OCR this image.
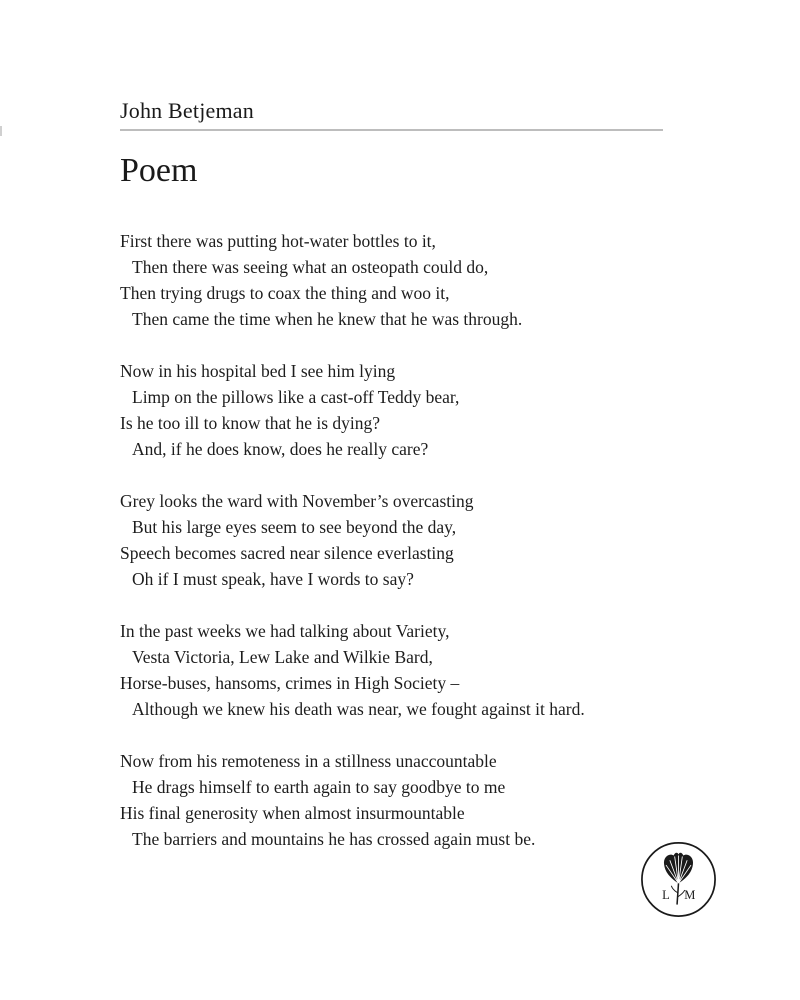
John Betjeman
Poem
First there was putting hot-water bottles to it,
Then there was seeing what an osteopath could do,
Then trying drugs to coax the thing and woo it,
Then came the time when he knew that he was through.
Now in his hospital bed I see him lying
Limp on the pillows like a cast-off Teddy bear,
Is he too ill to know that he is dying?
And, if he does know, does he really care?
Grey looks the ward with November’s overcasting
But his large eyes seem to see beyond the day,
Speech becomes sacred near silence everlasting
Oh if I must speak, have I words to say?
In the past weeks we had talking about Variety,
Vesta Victoria, Lew Lake and Wilkie Bard,
Horse-buses, hansoms, crimes in High Society –
Although we knew his death was near, we fought against it hard.
Now from his remoteness in a stillness unaccountable
He drags himself to earth again to say goodbye to me
His final generosity when almost insurmountable
The barriers and mountains he has crossed again must be.
L M
